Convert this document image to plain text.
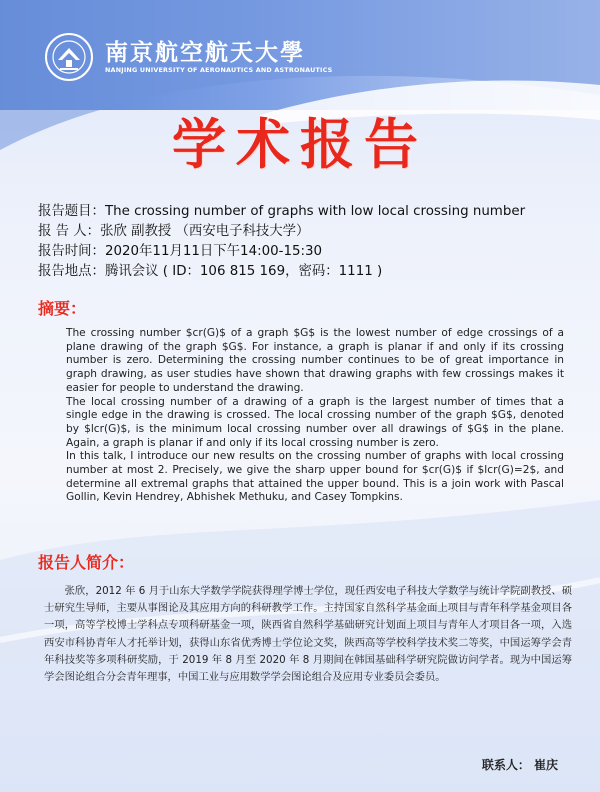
南京航空航天大學
NANJING UNIVERSITY OF AERONAUTICS AND ASTRONAUTICS
学术报告
报告题目：The crossing number of graphs with low local crossing number
报 告 人：张欣 副教授 （西安电子科技大学）
报告时间：2020年11月11日下午14:00-15:30
报告地点：腾讯会议 ( ID：106 815 169，密码：1111 )
摘要：

The crossing number $cr(G)$ of a graph $G$ is the lowest number of edge crossings of a plane drawing of the graph $G$. For instance, a graph is planar if and only if its crossing number is zero. Determining the crossing number continues to be of great importance in graph drawing, as user studies have shown that drawing graphs with few crossings makes it easier for people to understand the drawing.

The local crossing number of a drawing of a graph is the largest number of times that a single edge in the drawing is crossed. The local crossing number of the graph $G$, denoted by $lcr(G)$, is the minimum local crossing number over all drawings of $G$ in the plane. Again, a graph is planar if and only if its local crossing number is zero.

In this talk, I introduce our new results on the crossing number of graphs with local crossing number at most 2. Precisely, we give the sharp upper bound for $cr(G)$ if $lcr(G)=2$, and determine all extremal graphs that attained the upper bound. This is a join work with Pascal Gollin, Kevin Hendrey, Abhishek Methuku, and Casey Tompkins.

报告人简介：

张欣，2012 年 6 月于山东大学数学学院获得理学博士学位，现任西安电子科技大学数学与统计学院副教授、硕士研究生导师，主要从事图论及其应用方向的科研教学工作。主持国家自然科学基金面上项目与青年科学基金项目各一项，高等学校博士学科点专项科研基金一项，陕西省自然科学基础研究计划面上项目与青年人才项目各一项，入选西安市科协青年人才托举计划，获得山东省优秀博士学位论文奖，陕西高等学校科学技术奖二等奖，中国运筹学会青年科技奖等多项科研奖励，于 2019 年 8 月至 2020 年 8 月期间在韩国基础科学研究院做访问学者。现为中国运筹学会图论组合分会青年理事，中国工业与应用数学学会图论组合及应用专业委员会委员。

联系人： 崔庆
